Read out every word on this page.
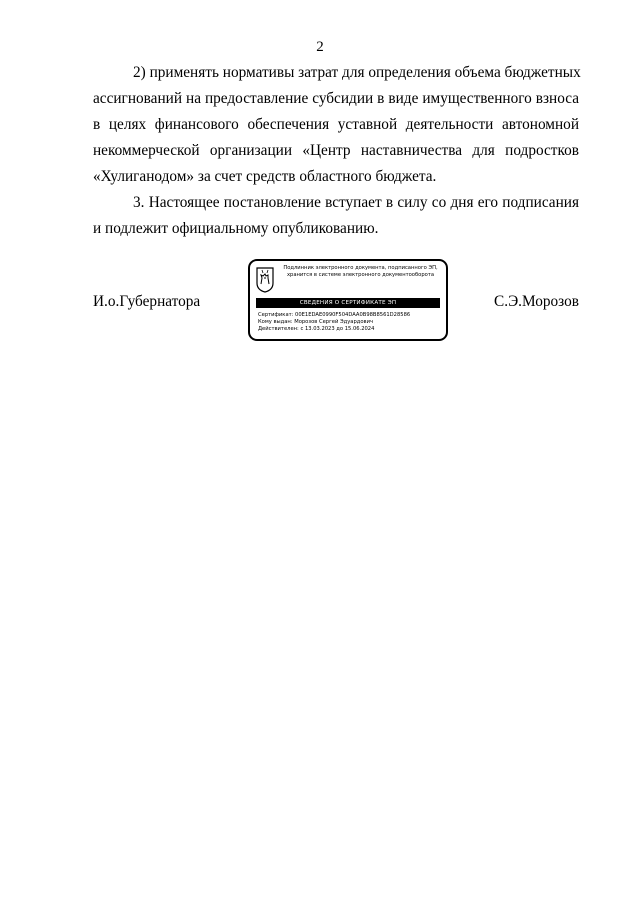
2
2) применять нормативы затрат для определения объема бюджетных
ассигнований на предоставление субсидии в виде имущественного взноса
в целях финансового обеспечения уставной деятельности автономной
некоммерческой организации «Центр наставничества для подростков
«Хулиганодом» за счет средств областного бюджета.
3. Настоящее постановление вступает в силу со дня его подписания
и подлежит официальному опубликованию.
И.о.Губернатора	С.Э.Морозов
Подлинник электронного документа, подписанного ЭП,
хранится в системе электронного документооборота
СВЕДЕНИЯ О СЕРТИФИКАТЕ ЭП
Сертификат: 00E1EDAE0990F504DAA0B98B8561D28586
Кому выдан: Морозов Сергей Эдуардович
Действителен: с 13.03.2023 до 15.06.2024
